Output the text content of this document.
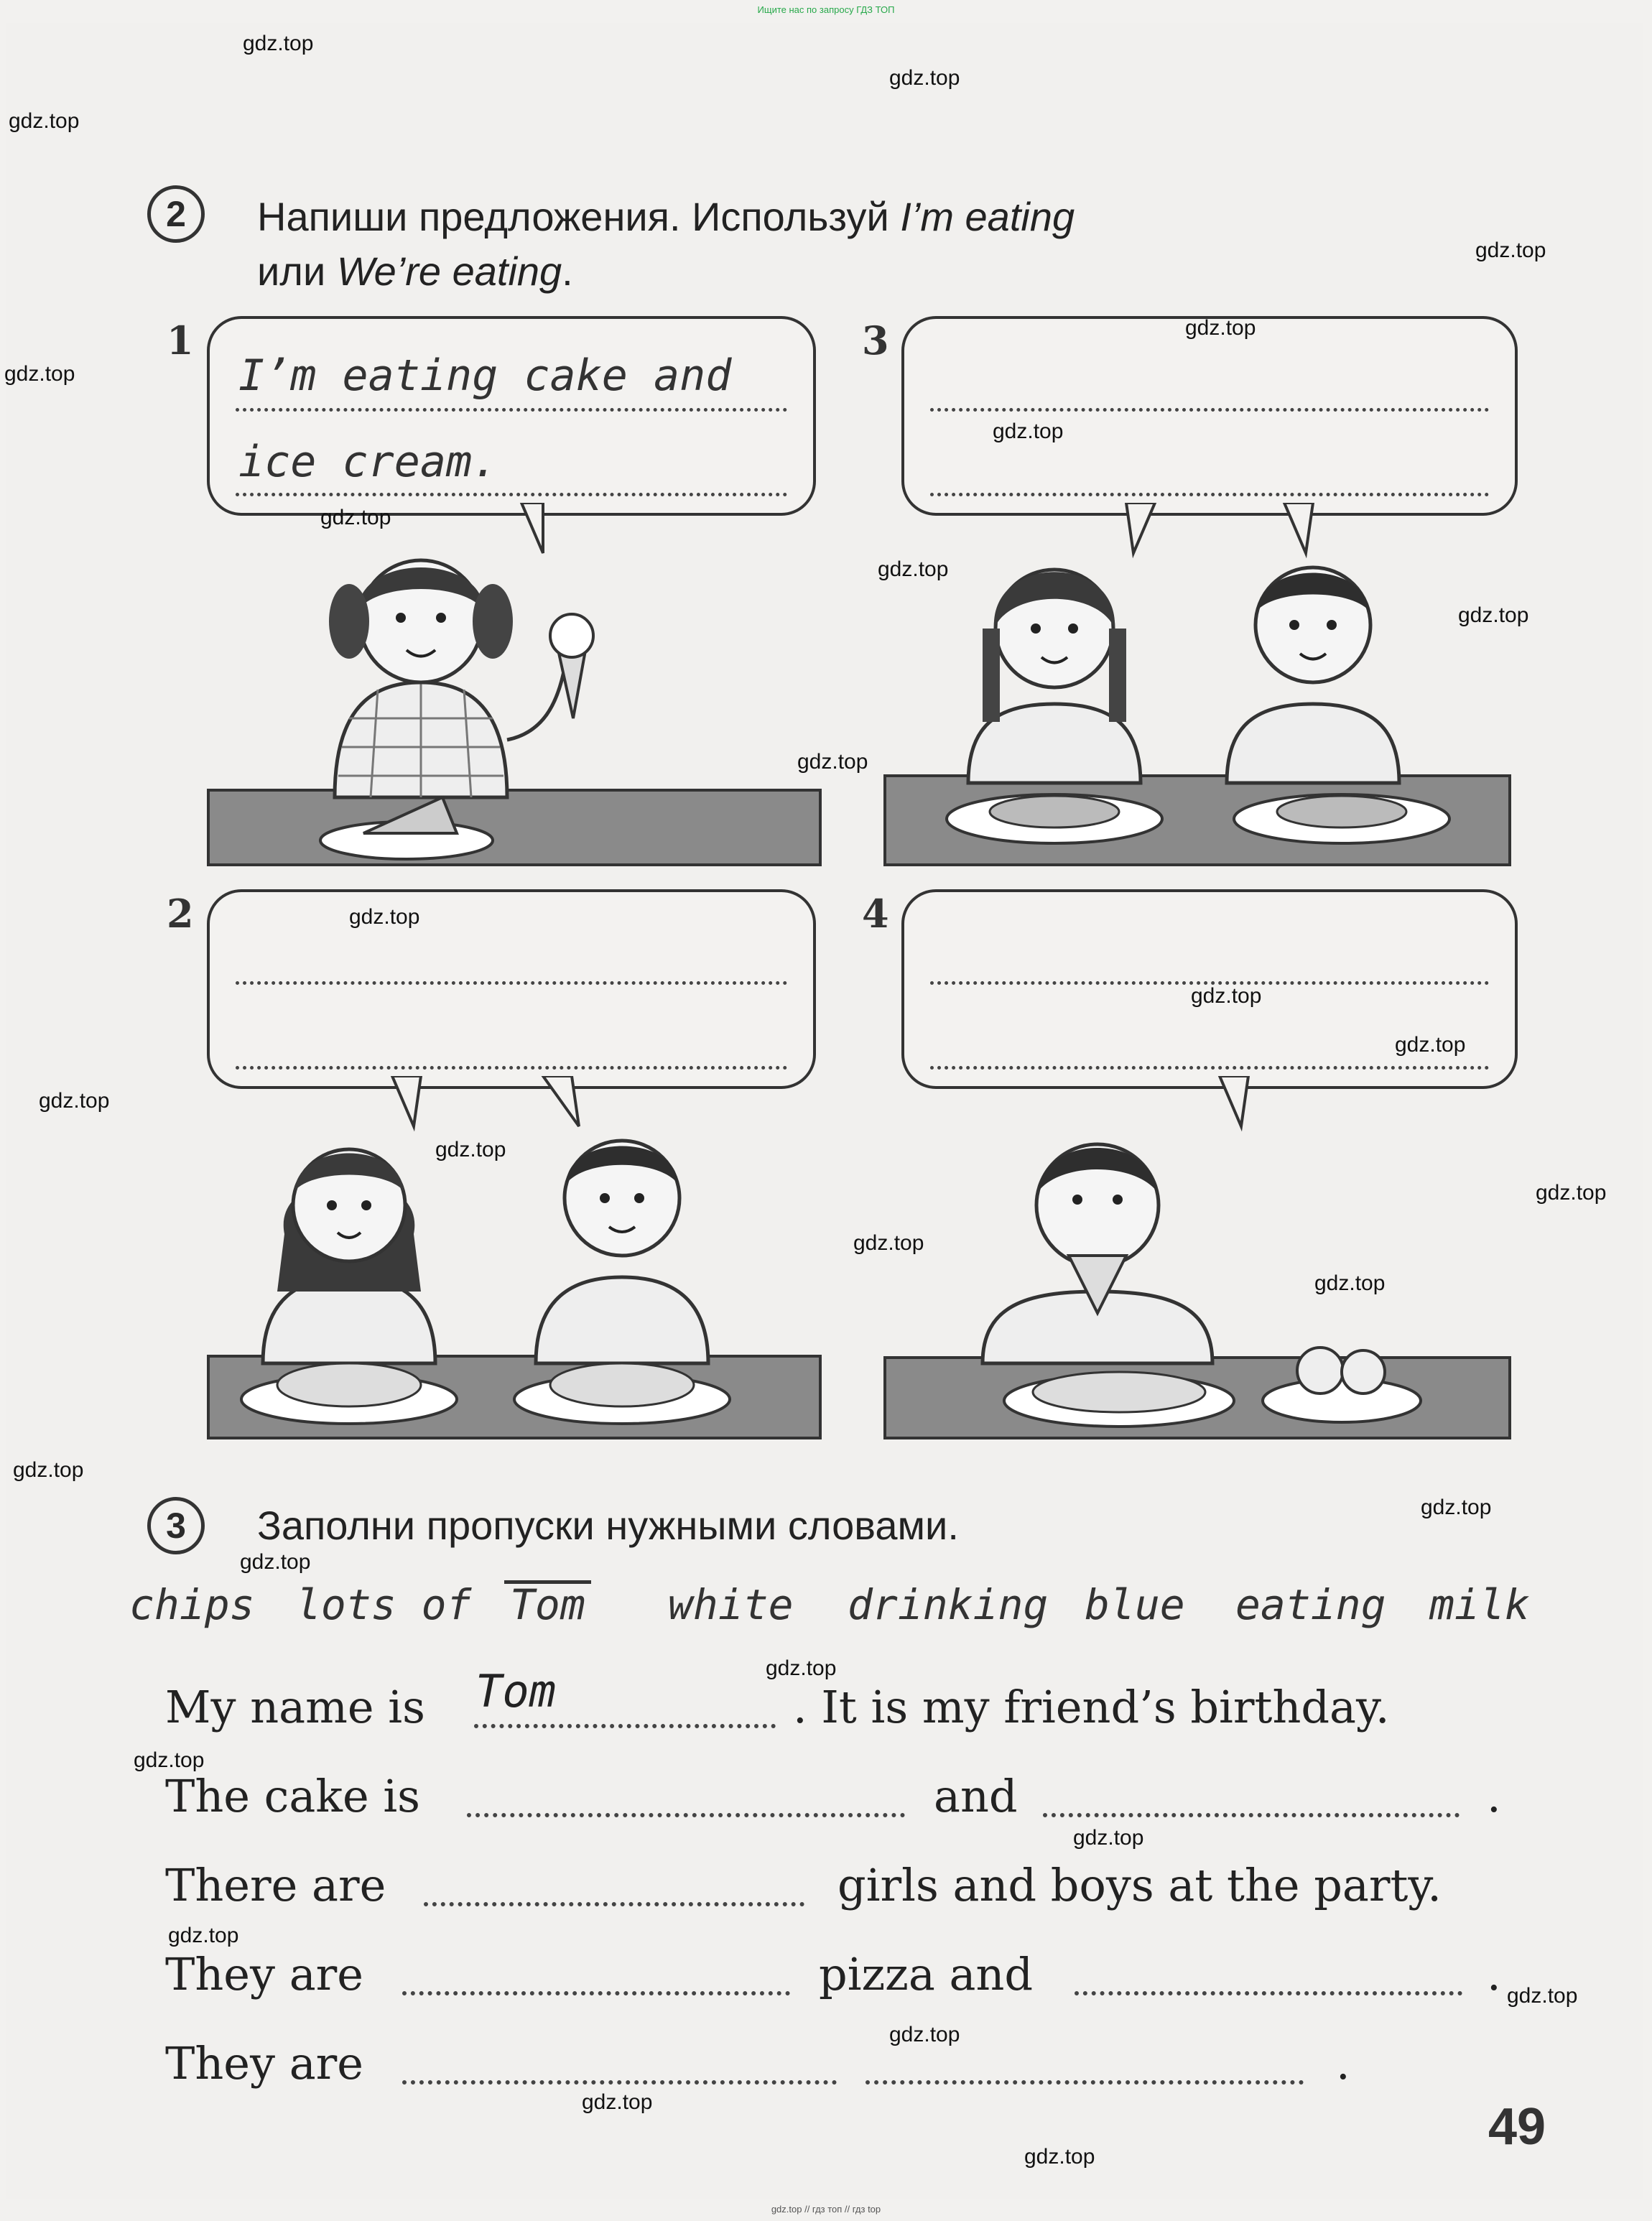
Ищите нас по запросу ГДЗ ТОП
gdz.top // гдз топ // гдз top
2	Напиши предложения. Используй I’m eating
или We’re eating.
1
I’m eating cake and
ice cream.
3
2	4
3	Заполни пропуски нужными словами.
chips lots of Tom white drinking blue eating milk
My name is Tom	. It is my friend’s birthday.
The cake is	and	.
There are	girls and boys at the party.
They are	pizza and	.
They are	.
49
gdz.top
gdz.top
gdz.top
gdz.top
gdz.top
gdz.top
gdz.top
gdz.top
gdz.top
gdz.top
gdz.top
gdz.top
gdz.top
gdz.top
gdz.top
gdz.top
gdz.top
gdz.top
gdz.top
gdz.top
gdz.top
gdz.top
gdz.top
gdz.top
gdz.top
gdz.top
gdz.top
gdz.top
gdz.top
gdz.top
